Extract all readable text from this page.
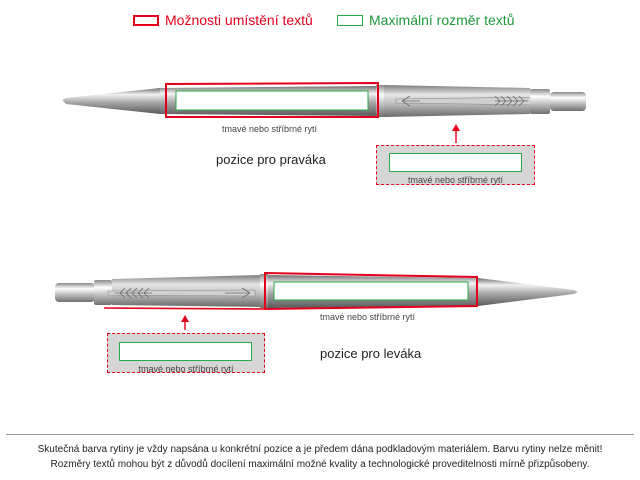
Možnosti umístění textů	Maximální rozměr textů
tmavé nebo stříbrné rytí
pozice pro praváka
tmavé nebo stříbrné rytí
tmavé nebo stříbrné rytí
pozice pro leváka
tmavé nebo stříbrné rytí
Skutečná barva rytiny je vždy napsána u konkrétní pozice a je předem dána podkladovým materiálem. Barvu rytiny nelze měnit!
Rozměry textů mohou být z důvodů docílení maximální možné kvality a technologické proveditelnosti mírně přizpůsobeny.
